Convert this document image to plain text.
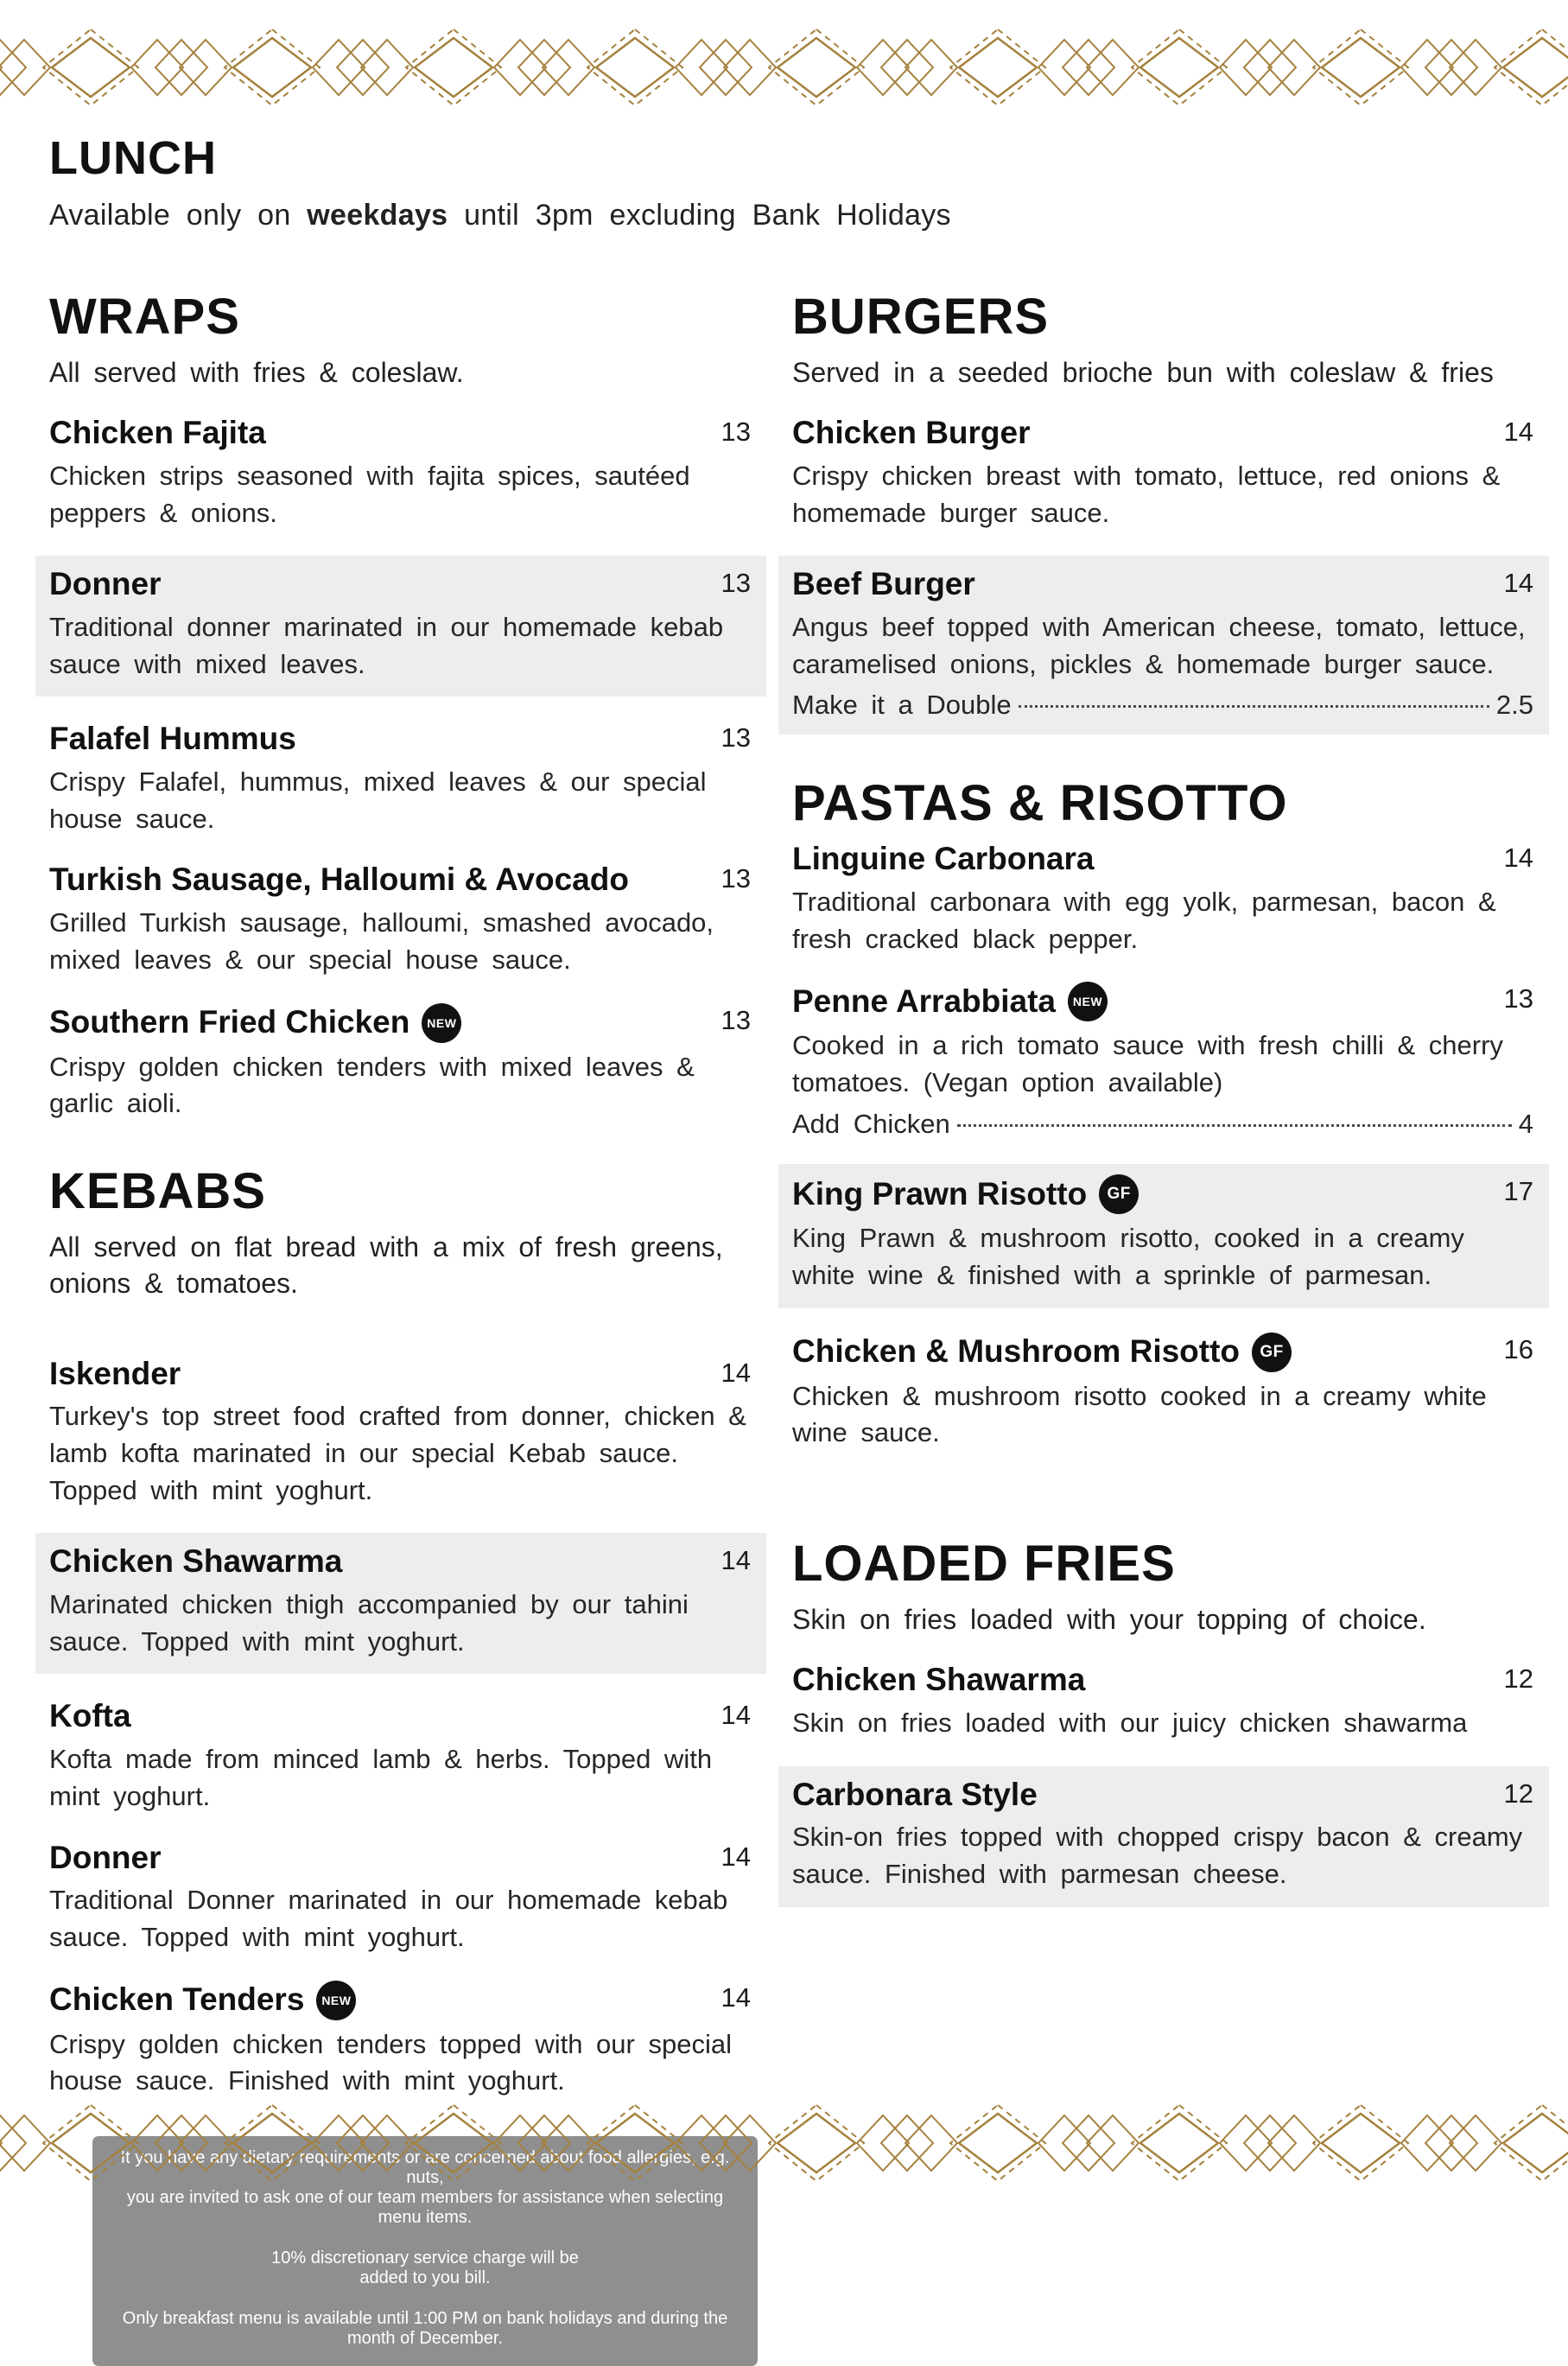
LUNCH

Available only on weekdays until 3pm excluding Bank Holidays

WRAPS

All served with fries & coleslaw.

Chicken Fajita	13

Chicken strips seasoned with fajita spices, sautéed peppers & onions.

Donner	13

Traditional donner marinated in our homemade kebab sauce with mixed leaves.

Falafel Hummus	13

Crispy Falafel, hummus, mixed leaves & our special house sauce.

Turkish Sausage, Halloumi & Avocado	13

Grilled Turkish sausage, halloumi, smashed avocado, mixed leaves & our special house sauce.

Southern Fried Chicken	NEW	13

Crispy golden chicken tenders with mixed leaves & garlic aioli.

KEBABS

All served on flat bread with a mix of fresh greens, onions & tomatoes.

Iskender	14

Turkey's top street food crafted from donner, chicken & lamb kofta marinated in our special Kebab sauce. Topped with mint yoghurt.

Chicken Shawarma	14

Marinated chicken thigh accompanied by our tahini sauce. Topped with mint yoghurt.

Kofta	14

Kofta made from minced lamb & herbs. Topped with mint yoghurt.

Donner	14

Traditional Donner marinated in our homemade kebab sauce. Topped with mint yoghurt.

Chicken Tenders	NEW	14

Crispy golden chicken tenders topped with our special house sauce. Finished with mint yoghurt.

you are invited to ask one of our team members for assistance when selecting

menu items.

10% discretionary service charge will be

added to you bill.

Only breakfast menu is available until 1:00 PM on bank holidays and during the

month of December.

BURGERS

Served in a seeded brioche bun with coleslaw & fries

Chicken Burger	14

Crispy chicken breast with tomato, lettuce, red onions & homemade burger sauce.

Beef Burger	14

Angus beef topped with American cheese, tomato, lettuce, caramelised onions, pickles & homemade burger sauce.

Make it a Double	2.5
PASTAS & RISOTTO
Linguine Carbonara	14

Traditional carbonara with egg yolk, parmesan, bacon & fresh cracked black pepper.

Penne Arrabbiata	NEW	13

Cooked in a rich tomato sauce with fresh chilli & cherry tomatoes. (Vegan option available)

Add Chicken	4
King Prawn Risotto	GF	17

King Prawn & mushroom risotto, cooked in a creamy white wine & finished with a sprinkle of parmesan.

Chicken & Mushroom Risotto	GF	16

Chicken & mushroom risotto cooked in a creamy white wine sauce.

LOADED FRIES

Skin on fries loaded with your topping of choice.

Chicken Shawarma	12

Skin on fries loaded with our juicy chicken shawarma

Carbonara Style	12

Skin-on fries topped with chopped crispy bacon & creamy sauce. Finished with parmesan cheese.
